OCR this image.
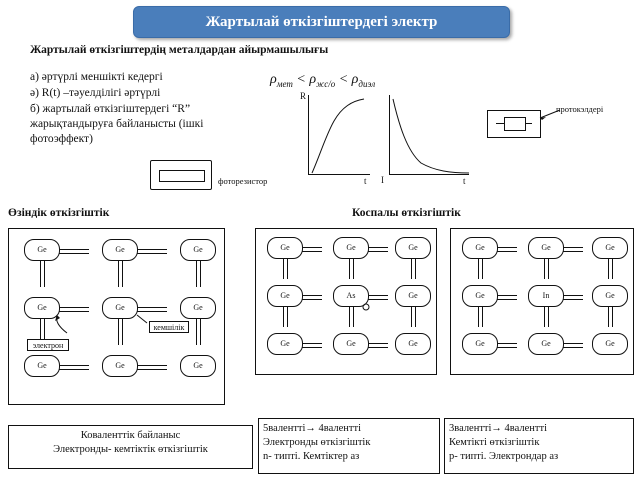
Жартылай өткізгіштердегі электр
Жартылай өткізгіштердің металдардан айырмашылығы
а) әртүрлі меншікті кедергі
ә) R(t) –тәуелділігі әртүрлі
б) жартылай өткізгіштердегі “R” жарықтандыруға байланысты (ішкі фотоэффект)
$\rho_{мет} < \rho_{жс/о} < \rho_{диэл}$
R
t I	t
протокэлдері
фоторезистор
Өзіндік өткізгіштік	Коспалы өткізгіштік
Ge	Ge	Ge
Ge	Ge	Ge
Ge	Ge	Ge
кемшілік
электрон
Ge	Ge	Ge
Ge	As	Ge
Ge	Ge	Ge
Ge	Ge	Ge
Ge	In	Ge
Ge	Ge	Ge
Коваленттік байланыс
Электронды- кемтіктік өткізгіштік
5валентті→ 4валентті
Электронды өткізгіштік
n- типті. Кемтіктер аз
3валентті→ 4валентті
Кемтікті өткізгіштік
р- типті. Электрондар аз
